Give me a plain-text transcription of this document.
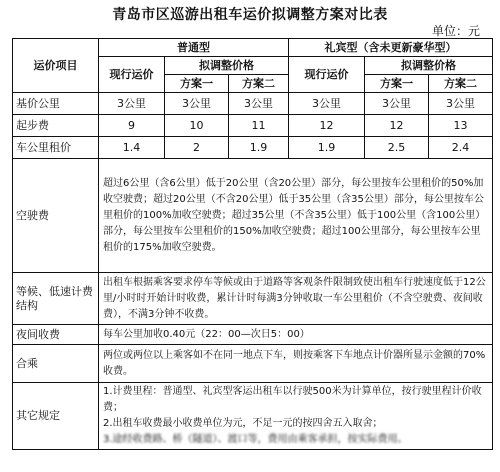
青岛市区巡游出租车运价拟调整方案对比表
单位：元
运价项目	普通型			礼宾型（含未更新豪华型）		
	现行运价	拟调整价格		现行运价	拟调整价格	
		方案一	方案二		方案一	方案二
基价公里	3公里	3公里	3公里	3公里	3公里	3公里
起步费	9	10	11	12	12	13
车公里租价	1.4	2	1.9	1.9	2.5	2.4
空驶费	超过6公里（含6公里）低于20公里（含20公里）部分，每公里按车公里租价的50%加收空驶费；超过20公里（不含20公里）低于35公里（含35公里）部分，每公里按车公里租价的100%加收空驶费；超过35公里（不含35公里）低于100公里（含100公里）部分，每公里按车公里租价的150%加收空驶费；超过100公里部分，每公里按车公里租价的175%加收空驶费。					
等候、低速计费结构	出租车根据乘客要求停车等候或由于道路等客观条件限制致使出租车行驶速度低于12公里/小时时开始计时收费，累计计时每满3分钟收取一车公里租价（不含空驶费、夜间收费），不满3分钟不收费。					
夜间收费	每车公里加收0.40元（22：00—次日5：00）					
合乘	两位或两位以上乘客如不在同一地点下车，则按乘客下车地点计价器所显示金额的70%收费。					
其它规定	1.计费里程：普通型、礼宾型客运出租车以行驶500米为计算单位，按行驶里程计价收费；
2.出租车收费最小收费单位为元，不足一元的按四舍五入取舍；
3.途经收费路、桥（隧道）、渡口等，费用由乘客承担，按实际费用。					
